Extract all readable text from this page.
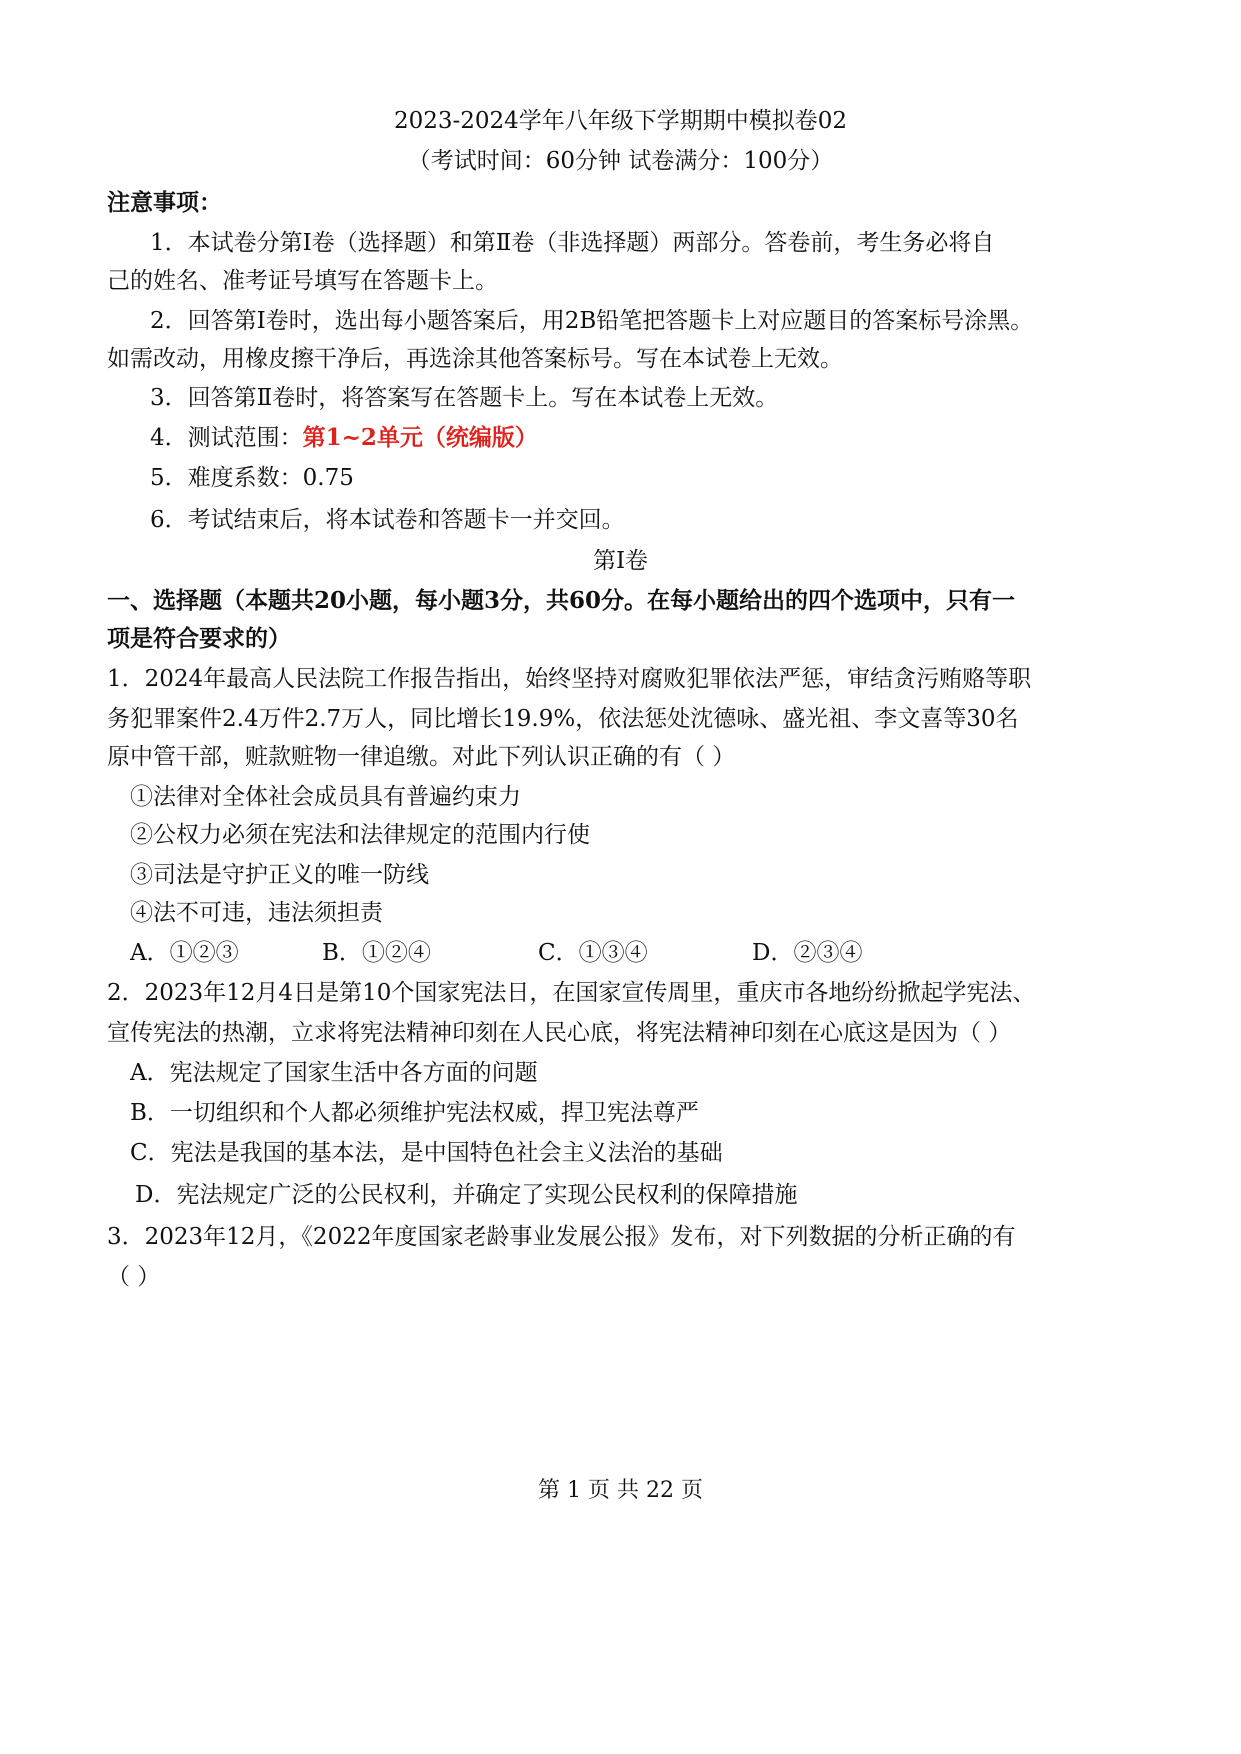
2023-2024学年八年级下学期期中模拟卷02
（考试时间：60分钟 试卷满分：100分）
注意事项：
1．本试卷分第Ⅰ卷（选择题）和第Ⅱ卷（非选择题）两部分。答卷前，考生务必将自
己的姓名、准考证号填写在答题卡上。
2．回答第Ⅰ卷时，选出每小题答案后，用2B铅笔把答题卡上对应题目的答案标号涂黑。
如需改动，用橡皮擦干净后，再选涂其他答案标号。写在本试卷上无效。
3．回答第Ⅱ卷时，将答案写在答题卡上。写在本试卷上无效。
4．测试范围：第1~2单元（统编版）
5．难度系数：0.75
6．考试结束后，将本试卷和答题卡一并交回。
第Ⅰ卷
一、选择题（本题共20小题，每小题3分，共60分。在每小题给出的四个选项中，只有一
项是符合要求的）
1．2024年最高人民法院工作报告指出，始终坚持对腐败犯罪依法严惩，审结贪污贿赂等职
务犯罪案件2.4万件2.7万人，同比增长19.9%，依法惩处沈德咏、盛光祖、李文喜等30名
原中管干部，赃款赃物一律追缴。对此下列认识正确的有（ ）
①法律对全体社会成员具有普遍约束力
②公权力必须在宪法和法律规定的范围内行使
③司法是守护正义的唯一防线
④法不可违，违法须担责
A．①②③	B．①②④	C．①③④	D．②③④
2．2023年12月4日是第10个国家宪法日，在国家宣传周里，重庆市各地纷纷掀起学宪法、
宣传宪法的热潮，立求将宪法精神印刻在人民心底，将宪法精神印刻在心底这是因为（ ）
A．宪法规定了国家生活中各方面的问题
B．一切组织和个人都必须维护宪法权威，捍卫宪法尊严
C．宪法是我国的基本法，是中国特色社会主义法治的基础
D．宪法规定广泛的公民权利，并确定了实现公民权利的保障措施
3．2023年12月，《2022年度国家老龄事业发展公报》发布，对下列数据的分析正确的有
（ ）
第 1 页 共 22 页
